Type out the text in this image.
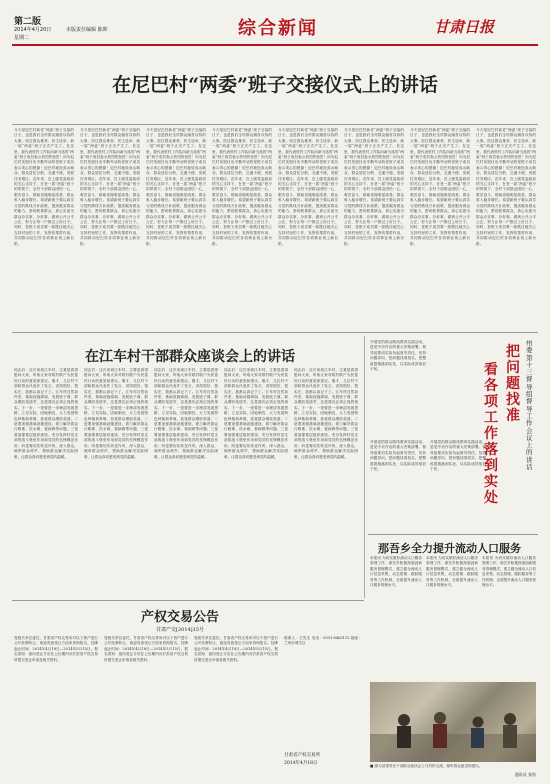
第二版
2014年4月20日
星期二
本版责任编辑 陈晖	综合新闻	甘肃日报
在尼巴村“两委”班子交接仪式上的讲话
今天是尼巴村新老“两委”班子交接的日子，也是我们全村群众翘首以待的大事。经过群众推荐、民主选举，新一届“两委”班子正式产生了。在这里，我代表驻村工作队向新当选的“两委”班子成员表示热烈的祝贺！向为尼巴村发展付出辛勤劳动的老班子成员表示衷心的感谢！尼巴村地处高山峡谷，群众居住分散，交通不便，发展任务艰巨。近年来，在上级党委政府的关心支持下，在老一届“两委”班子的带领下，全村干部群众团结一心，艰苦奋斗，基础设施明显改善，群众收入稳步增长。希望新班子要认真学习党的路线方针政策，提高服务群众的能力，密切联系群众，真心实意为群众办实事、办好事，做到公开公平公正，努力让每一户都过上好日子。同时，老班子成员要一如既往地关心支持村里的工作，发挥传帮带作用，共同推动尼巴村各项事业再上新台阶。
今天是尼巴村新老“两委”班子交接的日子，也是我们全村群众翘首以待的大事。经过群众推荐、民主选举，新一届“两委”班子正式产生了。在这里，我代表驻村工作队向新当选的“两委”班子成员表示热烈的祝贺！向为尼巴村发展付出辛勤劳动的老班子成员表示衷心的感谢！尼巴村地处高山峡谷，群众居住分散，交通不便，发展任务艰巨。近年来，在上级党委政府的关心支持下，在老一届“两委”班子的带领下，全村干部群众团结一心，艰苦奋斗，基础设施明显改善，群众收入稳步增长。希望新班子要认真学习党的路线方针政策，提高服务群众的能力，密切联系群众，真心实意为群众办实事、办好事，做到公开公平公正，努力让每一户都过上好日子。同时，老班子成员要一如既往地关心支持村里的工作，发挥传帮带作用，共同推动尼巴村各项事业再上新台阶。
今天是尼巴村新老“两委”班子交接的日子，也是我们全村群众翘首以待的大事。经过群众推荐、民主选举，新一届“两委”班子正式产生了。在这里，我代表驻村工作队向新当选的“两委”班子成员表示热烈的祝贺！向为尼巴村发展付出辛勤劳动的老班子成员表示衷心的感谢！尼巴村地处高山峡谷，群众居住分散，交通不便，发展任务艰巨。近年来，在上级党委政府的关心支持下，在老一届“两委”班子的带领下，全村干部群众团结一心，艰苦奋斗，基础设施明显改善，群众收入稳步增长。希望新班子要认真学习党的路线方针政策，提高服务群众的能力，密切联系群众，真心实意为群众办实事、办好事，做到公开公平公正，努力让每一户都过上好日子。同时，老班子成员要一如既往地关心支持村里的工作，发挥传帮带作用，共同推动尼巴村各项事业再上新台阶。
今天是尼巴村新老“两委”班子交接的日子，也是我们全村群众翘首以待的大事。经过群众推荐、民主选举，新一届“两委”班子正式产生了。在这里，我代表驻村工作队向新当选的“两委”班子成员表示热烈的祝贺！向为尼巴村发展付出辛勤劳动的老班子成员表示衷心的感谢！尼巴村地处高山峡谷，群众居住分散，交通不便，发展任务艰巨。近年来，在上级党委政府的关心支持下，在老一届“两委”班子的带领下，全村干部群众团结一心，艰苦奋斗，基础设施明显改善，群众收入稳步增长。希望新班子要认真学习党的路线方针政策，提高服务群众的能力，密切联系群众，真心实意为群众办实事、办好事，做到公开公平公正，努力让每一户都过上好日子。同时，老班子成员要一如既往地关心支持村里的工作，发挥传帮带作用，共同推动尼巴村各项事业再上新台阶。
今天是尼巴村新老“两委”班子交接的日子，也是我们全村群众翘首以待的大事。经过群众推荐、民主选举，新一届“两委”班子正式产生了。在这里，我代表驻村工作队向新当选的“两委”班子成员表示热烈的祝贺！向为尼巴村发展付出辛勤劳动的老班子成员表示衷心的感谢！尼巴村地处高山峡谷，群众居住分散，交通不便，发展任务艰巨。近年来，在上级党委政府的关心支持下，在老一届“两委”班子的带领下，全村干部群众团结一心，艰苦奋斗，基础设施明显改善，群众收入稳步增长。希望新班子要认真学习党的路线方针政策，提高服务群众的能力，密切联系群众，真心实意为群众办实事、办好事，做到公开公平公正，努力让每一户都过上好日子。同时，老班子成员要一如既往地关心支持村里的工作，发挥传帮带作用，共同推动尼巴村各项事业再上新台阶。
今天是尼巴村新老“两委”班子交接的日子，也是我们全村群众翘首以待的大事。经过群众推荐、民主选举，新一届“两委”班子正式产生了。在这里，我代表驻村工作队向新当选的“两委”班子成员表示热烈的祝贺！向为尼巴村发展付出辛勤劳动的老班子成员表示衷心的感谢！尼巴村地处高山峡谷，群众居住分散，交通不便，发展任务艰巨。近年来，在上级党委政府的关心支持下，在老一届“两委”班子的带领下，全村干部群众团结一心，艰苦奋斗，基础设施明显改善，群众收入稳步增长。希望新班子要认真学习党的路线方针政策，提高服务群众的能力，密切联系群众，真心实意为群众办实事、办好事，做到公开公平公正，努力让每一户都过上好日子。同时，老班子成员要一如既往地关心支持村里的工作，发挥传帮带作用，共同推动尼巴村各项事业再上新台阶。
今天是尼巴村新老“两委”班子交接的日子，也是我们全村群众翘首以待的大事。经过群众推荐、民主选举，新一届“两委”班子正式产生了。在这里，我代表驻村工作队向新当选的“两委”班子成员表示热烈的祝贺！向为尼巴村发展付出辛勤劳动的老班子成员表示衷心的感谢！尼巴村地处高山峡谷，群众居住分散，交通不便，发展任务艰巨。近年来，在上级党委政府的关心支持下，在老一届“两委”班子的带领下，全村干部群众团结一心，艰苦奋斗，基础设施明显改善，群众收入稳步增长。希望新班子要认真学习党的路线方针政策，提高服务群众的能力，密切联系群众，真心实意为群众办实事、办好事，做到公开公平公正，努力让每一户都过上好日子。同时，老班子成员要一如既往地关心支持村里的工作，发挥传帮带作用，共同推动尼巴村各项事业再上新台阶。
今天是尼巴村新老“两委”班子交接的日子，也是我们全村群众翘首以待的大事。经过群众推荐、民主选举，新一届“两委”班子正式产生了。在这里，我代表驻村工作队向新当选的“两委”班子成员表示热烈的祝贺！向为尼巴村发展付出辛勤劳动的老班子成员表示衷心的感谢！尼巴村地处高山峡谷，群众居住分散，交通不便，发展任务艰巨。近年来，在上级党委政府的关心支持下，在老一届“两委”班子的带领下，全村干部群众团结一心，艰苦奋斗，基础设施明显改善，群众收入稳步增长。希望新班子要认真学习党的路线方针政策，提高服务群众的能力，密切联系群众，真心实意为群众办实事、办好事，做到公开公平公正，努力让每一户都过上好日子。同时，老班子成员要一如既往地关心支持村里的工作，发挥传帮带作用，共同推动尼巴村各项事业再上新台阶。
在江车村干部群众座谈会上的讲话
同志们：这次来到江车村，主要是看望慰问大家，听取大家对联村联户为民富民行动的意见和建议。刚才，几位村干部和群众代表作了发言，讲得很好，很实在，我都认真记下了。江车村自然条件差，基础设施薄弱，发展底子薄，群众增收渠道窄，这是我们必须正视的现实。下一步，一是要进一步理清发展思路，立足实际，因地制宜，大力发展特色种植和养殖，拓宽群众增收渠道；二是要加强基础设施建设，着力解决群众行路难、饮水难、看病难等问题；三是要加强基层组织建设，充分发挥村党支部的战斗堡垒作用和党员的先锋模范作用；四是要切实转变作风，深入群众，倾听群众呼声，帮助群众解决实际困难，让群众真切感受到党的温暖。
同志们：这次来到江车村，主要是看望慰问大家，听取大家对联村联户为民富民行动的意见和建议。刚才，几位村干部和群众代表作了发言，讲得很好，很实在，我都认真记下了。江车村自然条件差，基础设施薄弱，发展底子薄，群众增收渠道窄，这是我们必须正视的现实。下一步，一是要进一步理清发展思路，立足实际，因地制宜，大力发展特色种植和养殖，拓宽群众增收渠道；二是要加强基础设施建设，着力解决群众行路难、饮水难、看病难等问题；三是要加强基层组织建设，充分发挥村党支部的战斗堡垒作用和党员的先锋模范作用；四是要切实转变作风，深入群众，倾听群众呼声，帮助群众解决实际困难，让群众真切感受到党的温暖。
同志们：这次来到江车村，主要是看望慰问大家，听取大家对联村联户为民富民行动的意见和建议。刚才，几位村干部和群众代表作了发言，讲得很好，很实在，我都认真记下了。江车村自然条件差，基础设施薄弱，发展底子薄，群众增收渠道窄，这是我们必须正视的现实。下一步，一是要进一步理清发展思路，立足实际，因地制宜，大力发展特色种植和养殖，拓宽群众增收渠道；二是要加强基础设施建设，着力解决群众行路难、饮水难、看病难等问题；三是要加强基层组织建设，充分发挥村党支部的战斗堡垒作用和党员的先锋模范作用；四是要切实转变作风，深入群众，倾听群众呼声，帮助群众解决实际困难，让群众真切感受到党的温暖。
同志们：这次来到江车村，主要是看望慰问大家，听取大家对联村联户为民富民行动的意见和建议。刚才，几位村干部和群众代表作了发言，讲得很好，很实在，我都认真记下了。江车村自然条件差，基础设施薄弱，发展底子薄，群众增收渠道窄，这是我们必须正视的现实。下一步，一是要进一步理清发展思路，立足实际，因地制宜，大力发展特色种植和养殖，拓宽群众增收渠道；二是要加强基础设施建设，着力解决群众行路难、饮水难、看病难等问题；三是要加强基层组织建设，充分发挥村党支部的战斗堡垒作用和党员的先锋模范作用；四是要切实转变作风，深入群众，倾听群众呼声，帮助群众解决实际困难，让群众真切感受到党的温暖。
同志们：这次来到江车村，主要是看望慰问大家，听取大家对联村联户为民富民行动的意见和建议。刚才，几位村干部和群众代表作了发言，讲得很好，很实在，我都认真记下了。江车村自然条件差，基础设施薄弱，发展底子薄，群众增收渠道窄，这是我们必须正视的现实。下一步，一是要进一步理清发展思路，立足实际，因地制宜，大力发展特色种植和养殖，拓宽群众增收渠道；二是要加强基础设施建设，着力解决群众行路难、饮水难、看病难等问题；三是要加强基层组织建设，充分发挥村党支部的战斗堡垒作用和党员的先锋模范作用；四是要切实转变作风，深入群众，倾听群众呼声，帮助群众解决实际困难，让群众真切感受到党的温暖。
开展党的群众路线教育实践活动，是党中央作出的重大决策部署。督导组要切实担负起督导责任，坚持问题导向，把问题找准找实，把整改措施落到实处，以实际成效取信于民。
开展党的群众路线教育实践活动，是党中央作出的重大决策部署。督导组要切实担负起督导责任，坚持问题导向，把问题找准找实，把整改措施落到实处，以实际成效取信于民。
开展党的群众路线教育实践活动，是党中央作出的重大决策部署。督导组要切实担负起督导责任，坚持问题导向，把问题找准找实，把整改措施落到实处，以实际成效取信于民。
把问题找准
看各项工作落到实处
州委第十三督导组督导工作会议上的讲话
那吾乡全力提升流动人口服务
本报讯 为切实做好流动人口服务管理工作，那吾乡积极探索创新服务管理模式，建立健全流动人口信息采集、动态管理、跟踪服务等工作机制，全面提升流动人口服务管理水平。
本报讯 为切实做好流动人口服务管理工作，那吾乡积极探索创新服务管理模式，建立健全流动人口信息采集、动态管理、跟踪服务等工作机制，全面提升流动人口服务管理水平。
本报讯 为切实做好流动人口服务管理工作，那吾乡积极探索创新服务管理模式，建立健全流动人口信息采集、动态管理、跟踪服务等工作机制，全面提升流动人口服务管理水平。
产权交易公告
甘肃产交[2014]15号
受相关单位委托，甘肃省产权交易所对以下资产进行公开挂牌转让，欢迎有意受让方前来咨询报名。挂牌起止时间：2014年4月18日—2014年5月15日。报名须知：意向受让方应在公告期内向甘肃省产权交易所提交受让申请及相关资料。
受相关单位委托，甘肃省产权交易所对以下资产进行公开挂牌转让，欢迎有意受让方前来咨询报名。挂牌起止时间：2014年4月18日—2014年5月15日。报名须知：意向受让方应在公告期内向甘肃省产权交易所提交受让申请及相关资料。
受相关单位委托，甘肃省产权交易所对以下资产进行公开挂牌转让，欢迎有意受让方前来咨询报名。挂牌起止时间：2014年4月18日—2014年5月15日。报名须知：意向受让方应在公告期内向甘肃省产权交易所提交受让申请及相关资料。
联系人：王先生 电话：0931-8465115 地址：兰州市城关区
甘肃省产权交易所
2014年4月18日	■ 图为县领导在干部群众座谈会上与村民交流，倾听群众意见和建议。
通讯员 张彤
